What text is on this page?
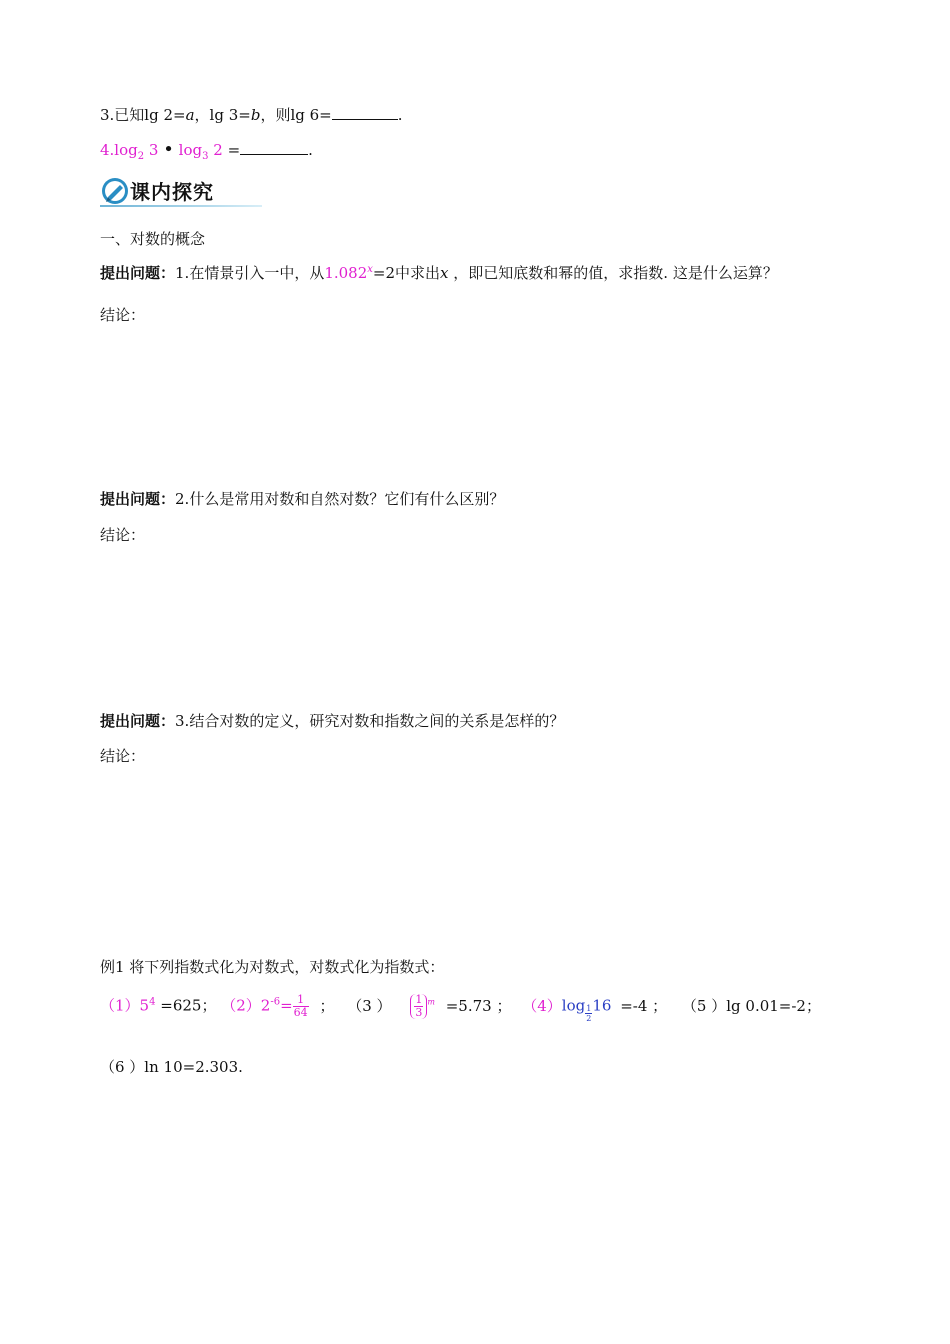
3.已知lg 2=a，lg 3=b，则lg 6=	.
$4.\log_2$ 3 • $\log_3 2$ =	.
课内探究
一、对数的概念
提出问题：1.在情景引入一中，从$1.082^x=2$中求出x ，即已知底数和幂的值，求指数. 这是什么运算？
结论：
提出问题：2.什么是常用对数和自然对数？它们有什么区别？
结论：
提出问题：3.结合对数的定义，研究对数和指数之间的关系是怎样的？
结论：
例1 将下列指数式化为对数式，对数式化为指数式：
$(1)5^4 =625$； $(2)2^{-6}= \frac{1}{64}$ ； （3 ） $\frac{1}{3} ^m =5.73$ ； $(4)\log \frac{1}{2} 16 =-4$ ； （5 ）lg 0.01=-2；
（6 ）ln 10=2.303.
